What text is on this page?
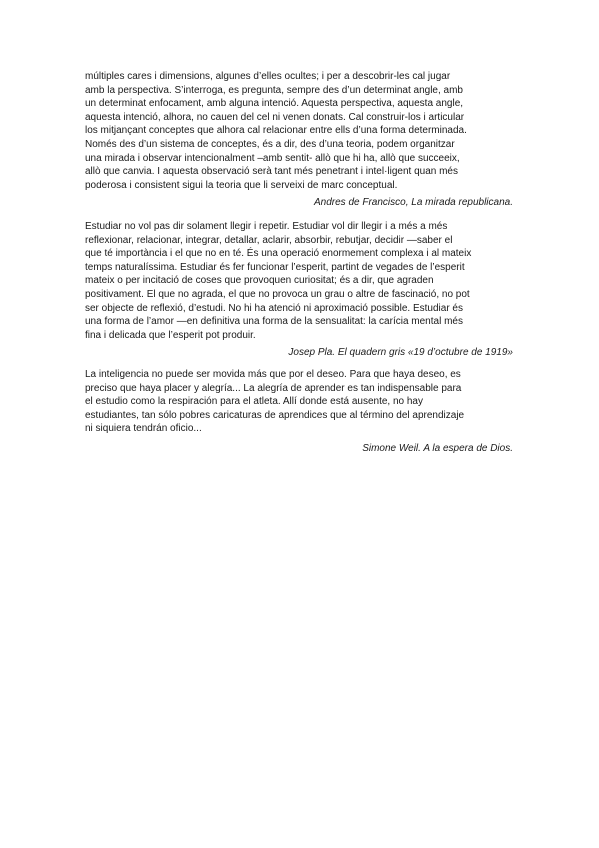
múltiples cares i dimensions, algunes d’elles ocultes; i per a descobrir-les cal jugar
amb la perspectiva. S’interroga, es pregunta, sempre des d’un determinat angle, amb
un determinat enfocament, amb alguna intenció. Aquesta perspectiva, aquesta angle,
aquesta intenció, alhora, no cauen del cel ni venen donats. Cal construir-los i articular
los mitjançant conceptes que alhora cal relacionar entre ells d’una forma determinada.
Només des d’un sistema de conceptes, és a dir, des d’una teoria, podem organitzar
una mirada i observar intencionalment –amb sentit- allò que hi ha, allò que succeeix,
allò que canvia. I aquesta observació serà tant més penetrant i intel·ligent quan més
poderosa i consistent sigui la teoria que li serveixi de marc conceptual.

Andres de Francisco, La mirada republicana.

Estudiar no vol pas dir solament llegir i repetir. Estudiar vol dir llegir i a més a més
reflexionar, relacionar, integrar, detallar, aclarir, absorbir, rebutjar, decidir —saber el
que té importància i el que no en té. És una operació enormement complexa i al mateix
temps naturalíssima. Estudiar és fer funcionar l’esperit, partint de vegades de l’esperit
mateix o per incitació de coses que provoquen curiositat; és a dir, que agraden
positivament. El que no agrada, el que no provoca un grau o altre de fascinació, no pot
ser objecte de reflexió, d’estudi. No hi ha atenció ni aproximació possible. Estudiar és
una forma de l’amor —en definitiva una forma de la sensualitat: la carícia mental més
fina i delicada que l’esperit pot produir.

Josep Pla. El quadern gris «19 d’octubre de 1919»

La inteligencia no puede ser movida más que por el deseo. Para que haya deseo, es
preciso que haya placer y alegría... La alegría de aprender es tan indispensable para
el estudio como la respiración para el atleta. Allí donde está ausente, no hay
estudiantes, tan sólo pobres caricaturas de aprendices que al término del aprendizaje
ni siquiera tendrán oficio...

Simone Weil. A la espera de Dios.
